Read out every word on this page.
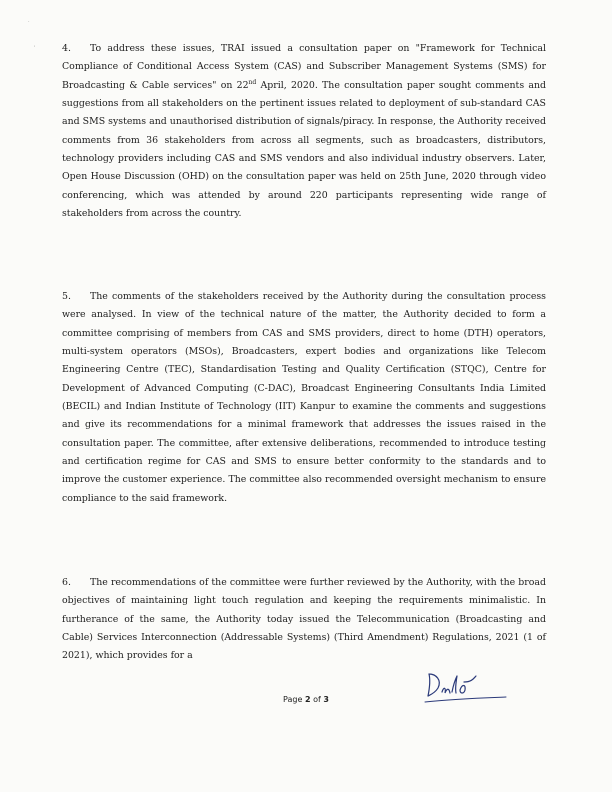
.
'	4. To address these issues, TRAI issued a consultation paper on "Framework for Technical Compliance of Conditional Access System (CAS) and Subscriber Management Systems (SMS) for Broadcasting & Cable services" on 22nd April, 2020. The consultation paper sought comments and suggestions from all stakeholders on the pertinent issues related to deployment of sub-standard CAS and SMS systems and unauthorised distribution of signals/piracy. In response, the Authority received comments from 36 stakeholders from across all segments, such as broadcasters, distributors, technology providers including CAS and SMS vendors and also individual industry observers. Later, Open House Discussion (OHD) on the consultation paper was held on 25th June, 2020 through video conferencing, which was attended by around 220 participants representing wide range of stakeholders from across the country.

5. The comments of the stakeholders received by the Authority during the consultation process were analysed. In view of the technical nature of the matter, the Authority decided to form a committee comprising of members from CAS and SMS providers, direct to home (DTH) operators, multi-system operators (MSOs), Broadcasters, expert bodies and organizations like Telecom Engineering Centre (TEC), Standardisation Testing and Quality Certification (STQC), Centre for Development of Advanced Computing (C-DAC), Broadcast Engineering Consultants India Limited (BECIL) and Indian Institute of Technology (IIT) Kanpur to examine the comments and suggestions and give its recommendations for a minimal framework that addresses the issues raised in the consultation paper. The committee, after extensive deliberations, recommended to introduce testing and certification regime for CAS and SMS to ensure better conformity to the standards and to improve the customer experience. The committee also recommended oversight mechanism to ensure compliance to the said framework.

6. The recommendations of the committee were further reviewed by the Authority, with the broad objectives of maintaining light touch regulation and keeping the requirements minimalistic. In furtherance of the same, the Authority today issued the Telecommunication (Broadcasting and Cable) Services Interconnection (Addressable Systems) (Third Amendment) Regulations, 2021 (1 of 2021), which provides for a

Page 2 of 3
